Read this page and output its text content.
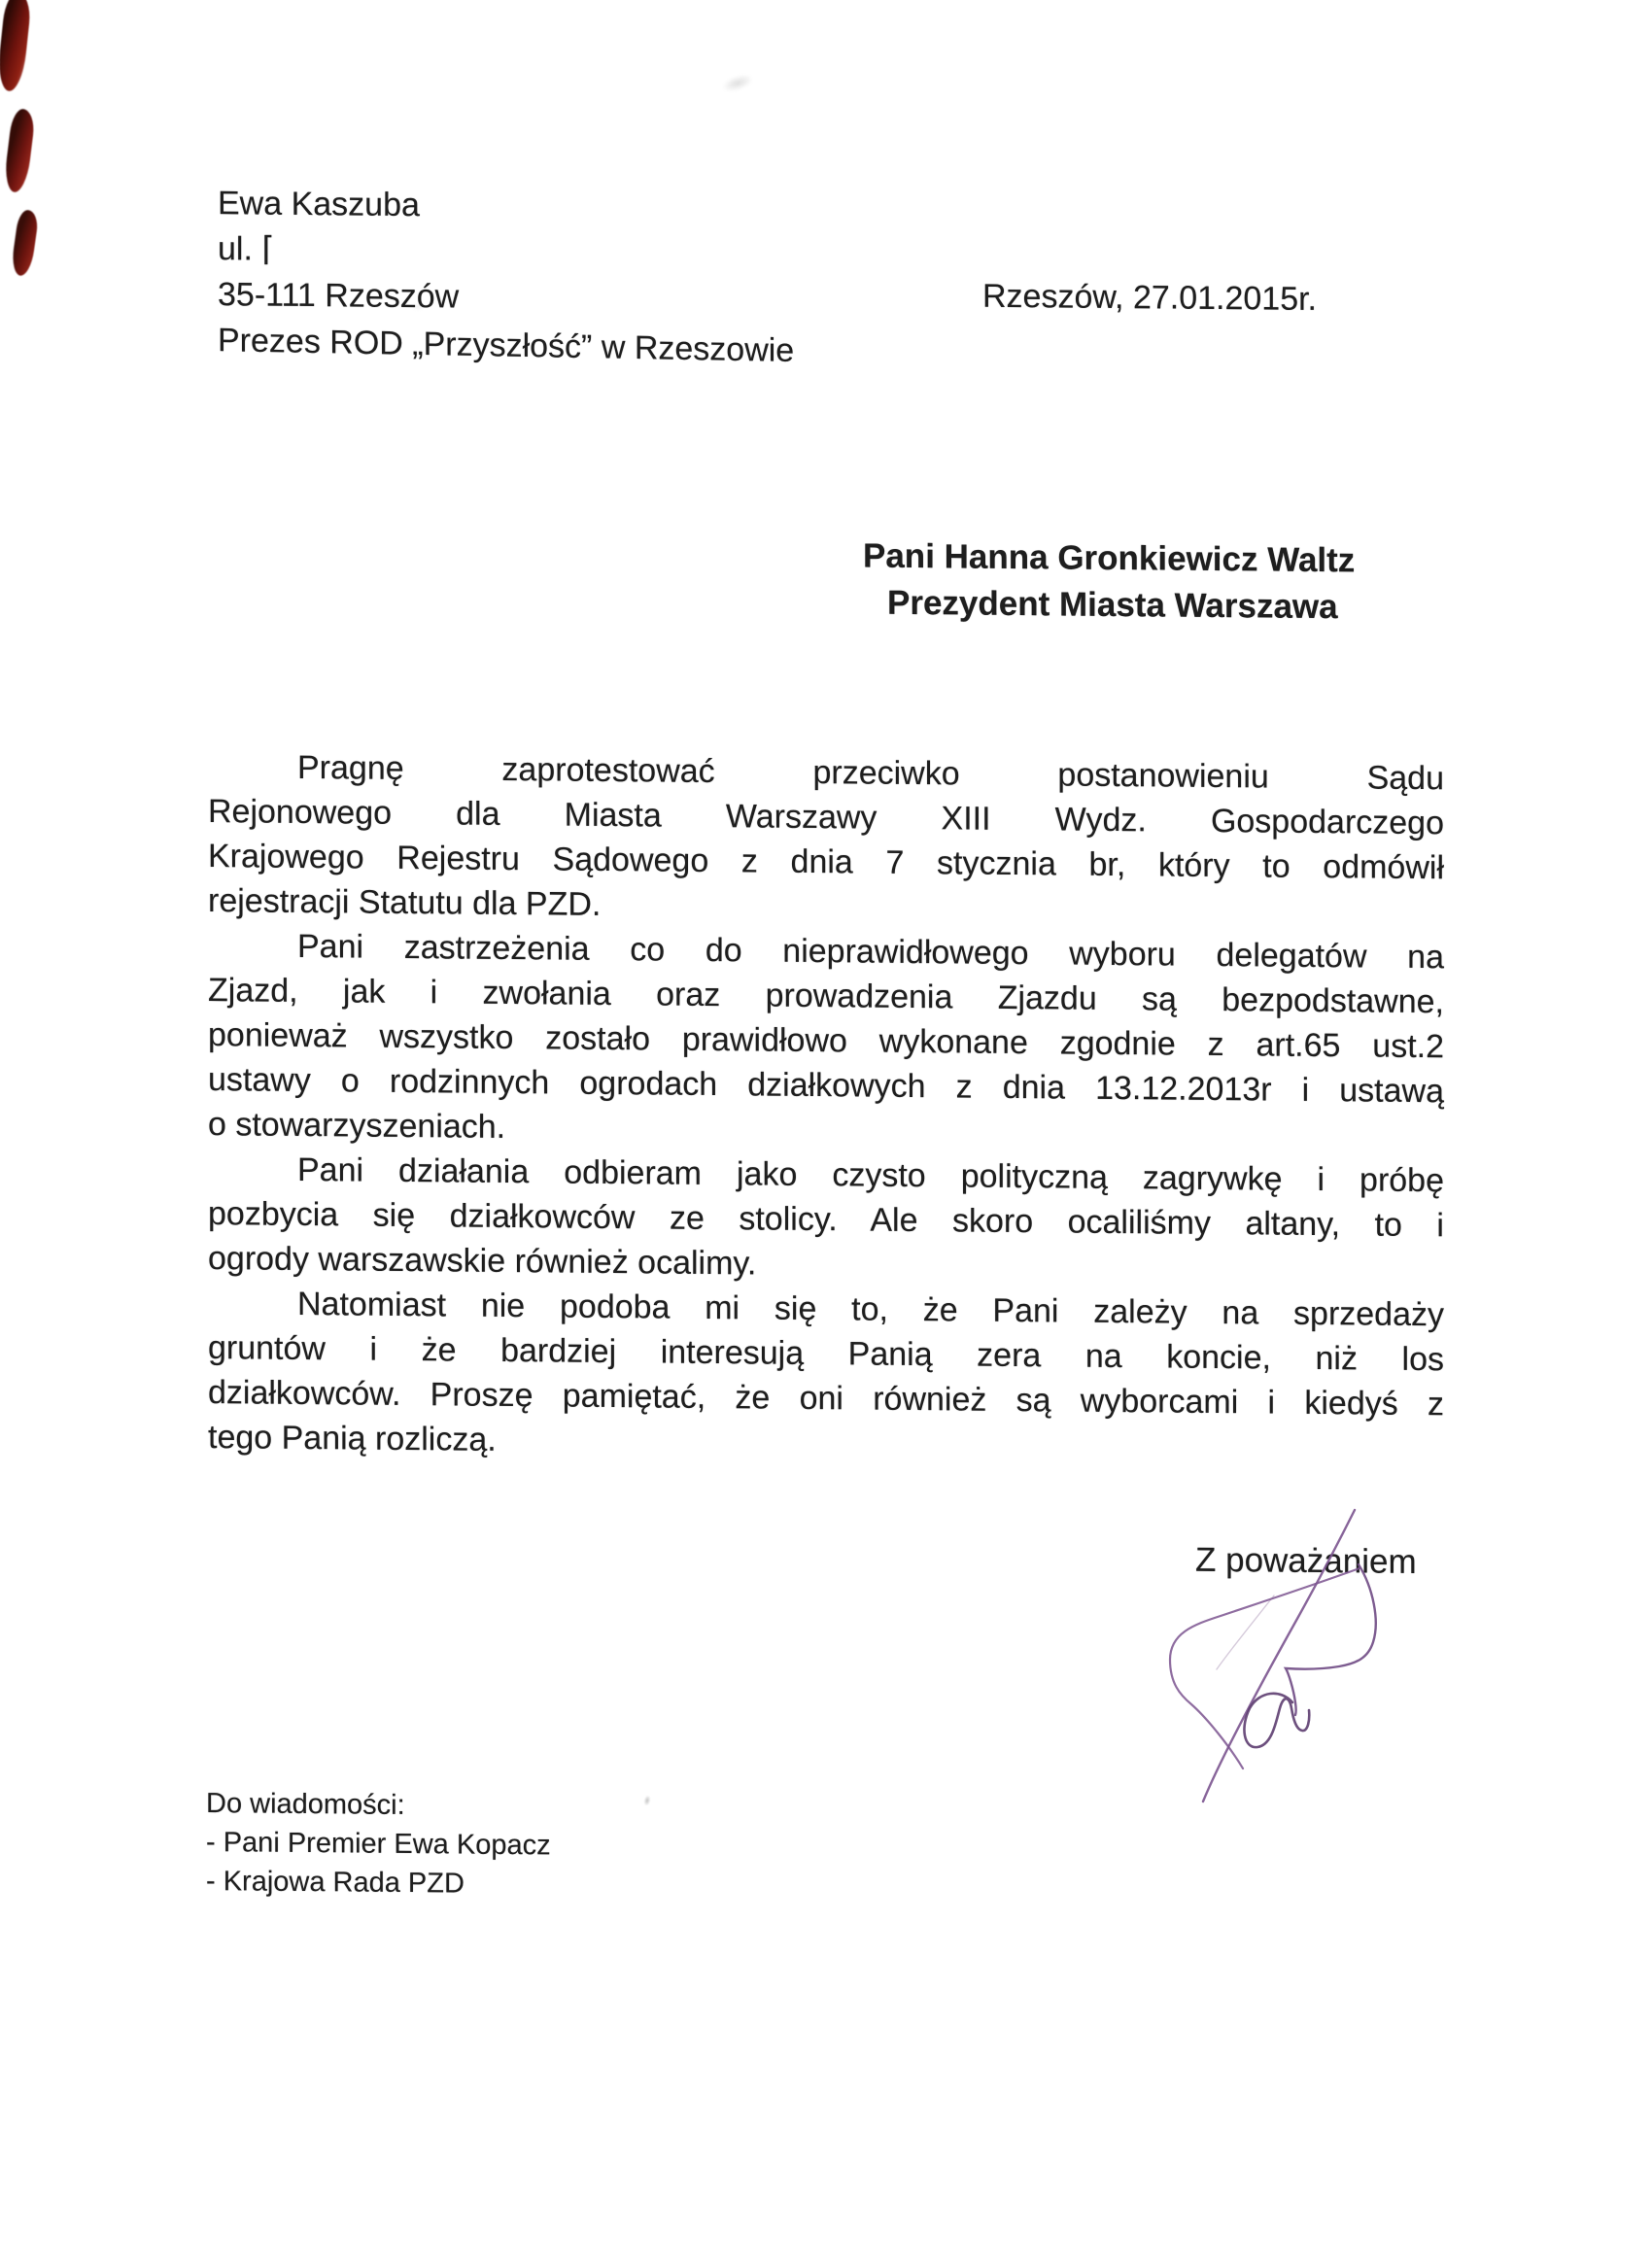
Ewa Kaszuba
ul. ⌈
35-111 Rzeszów
Prezes ROD „Przyszłość” w Rzeszowie
Rzeszów, 27.01.2015r.
Pani Hanna Gronkiewicz Waltz
Prezydent Miasta Warszawa
Pragnę zaprotestować przeciwko postanowieniu Sądu
Rejonowego dla Miasta Warszawy XIII Wydz. Gospodarczego
Krajowego Rejestru Sądowego z dnia 7 stycznia br, który to odmówił
rejestracji Statutu dla PZD.
Pani zastrzeżenia co do nieprawidłowego wyboru delegatów na
Zjazd, jak i zwołania oraz prowadzenia Zjazdu są bezpodstawne,
ponieważ wszystko zostało prawidłowo wykonane zgodnie z art.65 ust.2
ustawy o rodzinnych ogrodach działkowych z dnia 13.12.2013r i ustawą
o stowarzyszeniach.
Pani działania odbieram jako czysto polityczną zagrywkę i próbę
pozbycia się działkowców ze stolicy. Ale skoro ocaliliśmy altany, to i
ogrody warszawskie również ocalimy.
Natomiast nie podoba mi się to, że Pani zależy na sprzedaży
gruntów i że bardziej interesują Panią zera na koncie, niż los
działkowców. Proszę pamiętać, że oni również są wyborcami i kiedyś z
tego Panią rozliczą.
Z poważaniem
Do wiadomości:
- Pani Premier Ewa Kopacz
- Krajowa Rada PZD
